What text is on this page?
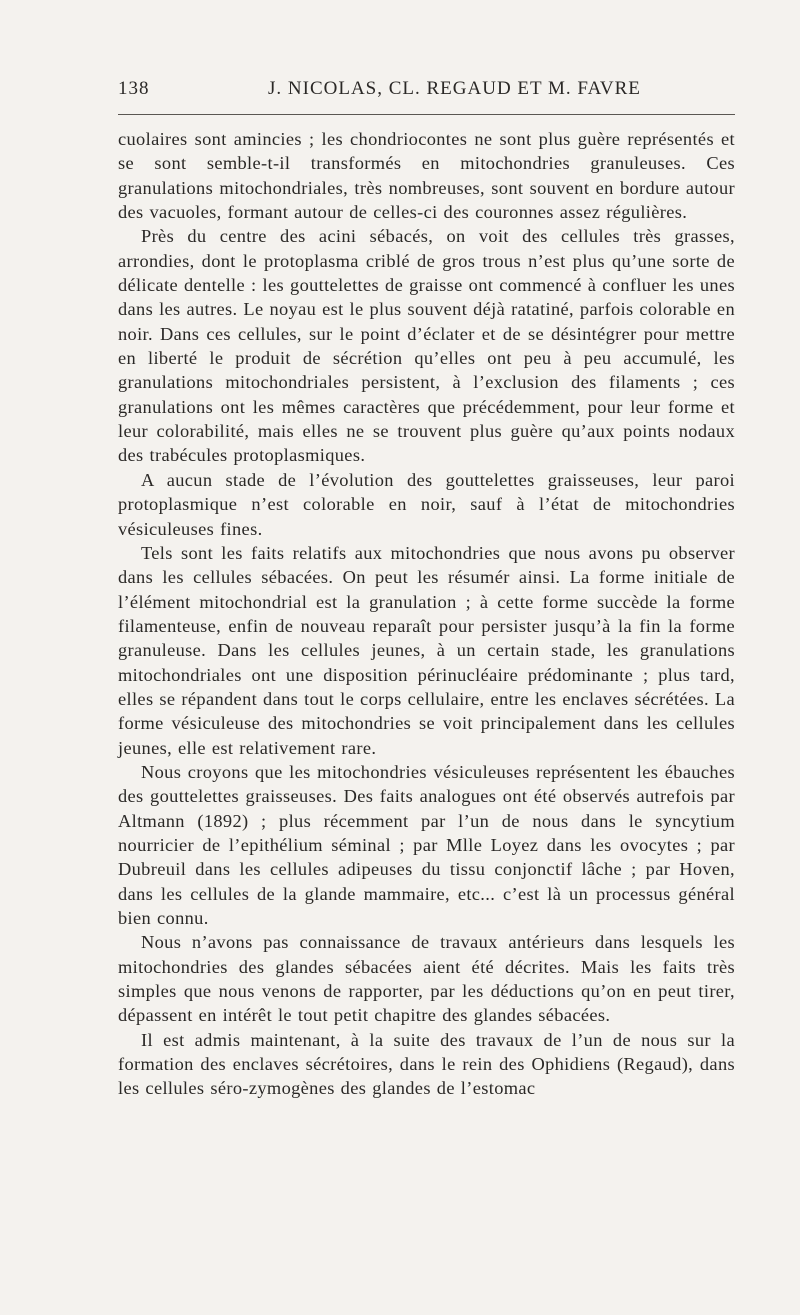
138	J. NICOLAS, CL. REGAUD ET M. FAVRE

cuolaires sont amincies ; les chondriocontes ne sont plus guère représentés et se sont semble-t-il transformés en mitochondries granuleuses. Ces granulations mitochondriales, très nombreuses, sont souvent en bordure autour des vacuoles, formant autour de celles-ci des couronnes assez régulières.

Près du centre des acini sébacés, on voit des cellules très grasses, arrondies, dont le protoplasma criblé de gros trous n’est plus qu’une sorte de délicate dentelle : les gouttelettes de graisse ont commencé à confluer les unes dans les autres. Le noyau est le plus souvent déjà ratatiné, parfois colorable en noir. Dans ces cellules, sur le point d’éclater et de se désintégrer pour mettre en liberté le produit de sécrétion qu’elles ont peu à peu accumulé, les granulations mitochondriales persistent, à l’exclusion des filaments ; ces granulations ont les mêmes caractères que précédemment, pour leur forme et leur colorabilité, mais elles ne se trouvent plus guère qu’aux points nodaux des trabécules protoplasmiques.

A aucun stade de l’évolution des gouttelettes graisseuses, leur paroi protoplasmique n’est colorable en noir, sauf à l’état de mitochondries vésiculeuses fines.

Tels sont les faits relatifs aux mitochondries que nous avons pu observer dans les cellules sébacées. On peut les résumér ainsi. La forme initiale de l’élément mitochondrial est la granulation ; à cette forme succède la forme filamenteuse, enfin de nouveau reparaît pour persister jusqu’à la fin la forme granuleuse. Dans les cellules jeunes, à un certain stade, les granulations mitochondriales ont une disposition périnucléaire prédominante ; plus tard, elles se répandent dans tout le corps cellulaire, entre les enclaves sécrétées. La forme vésiculeuse des mitochondries se voit principalement dans les cellules jeunes, elle est relativement rare.

Nous croyons que les mitochondries vésiculeuses représentent les ébauches des gouttelettes graisseuses. Des faits analogues ont été observés autrefois par Altmann (1892) ; plus récemment par l’un de nous dans le syncytium nourricier de l’epithélium séminal ; par Mlle Loyez dans les ovocytes ; par Dubreuil dans les cellules adipeuses du tissu conjonctif lâche ; par Hoven, dans les cellules de la glande mammaire, etc... c’est là un processus général bien connu.

Nous n’avons pas connaissance de travaux antérieurs dans lesquels les mitochondries des glandes sébacées aient été décrites. Mais les faits très simples que nous venons de rapporter, par les déductions qu’on en peut tirer, dépassent en intérêt le tout petit chapitre des glandes sébacées.

Il est admis maintenant, à la suite des travaux de l’un de nous sur la formation des enclaves sécrétoires, dans le rein des Ophidiens (Regaud), dans les cellules séro-zymogènes des glandes de l’estomac
